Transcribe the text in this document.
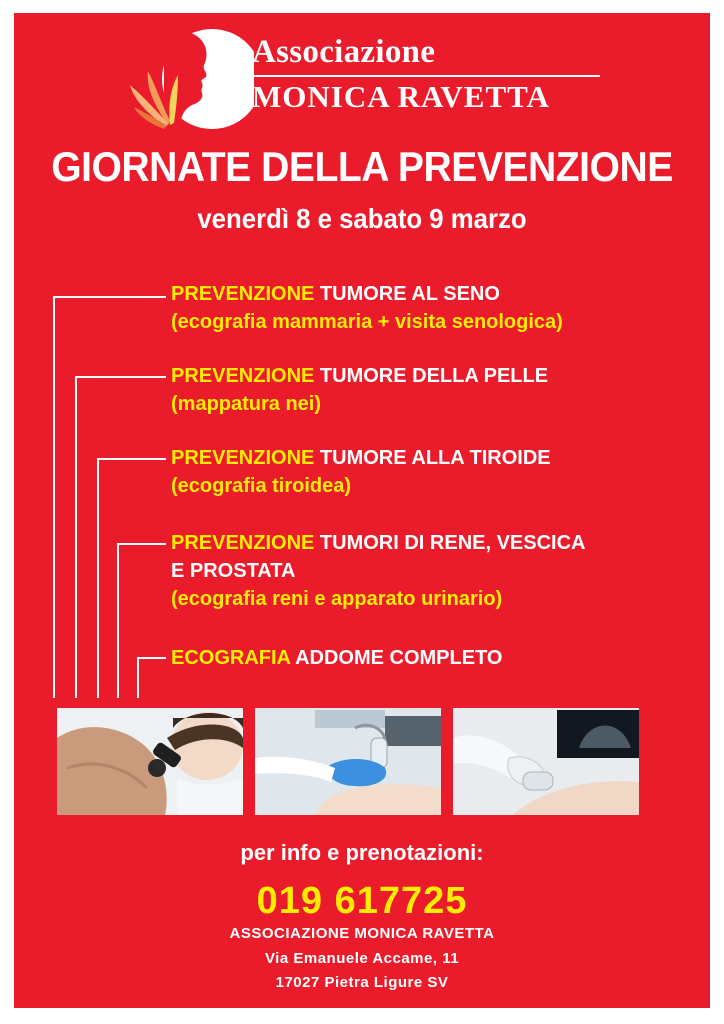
Associazione
MONICA RAVETTA
GIORNATE DELLA PREVENZIONE
venerdì 8 e sabato 9 marzo
PREVENZIONE TUMORE AL SENO
(ecografia mammaria + visita senologica)
PREVENZIONE TUMORE DELLA PELLE
(mappatura nei)
PREVENZIONE TUMORE ALLA TIROIDE
(ecografia tiroidea)
PREVENZIONE TUMORI DI RENE, VESCICA
E PROSTATA
(ecografia reni e apparato urinario)
ECOGRAFIA ADDOME COMPLETO
per info e prenotazioni:
019 617725
ASSOCIAZIONE MONICA RAVETTA
Via Emanuele Accame, 11
17027 Pietra Ligure SV
